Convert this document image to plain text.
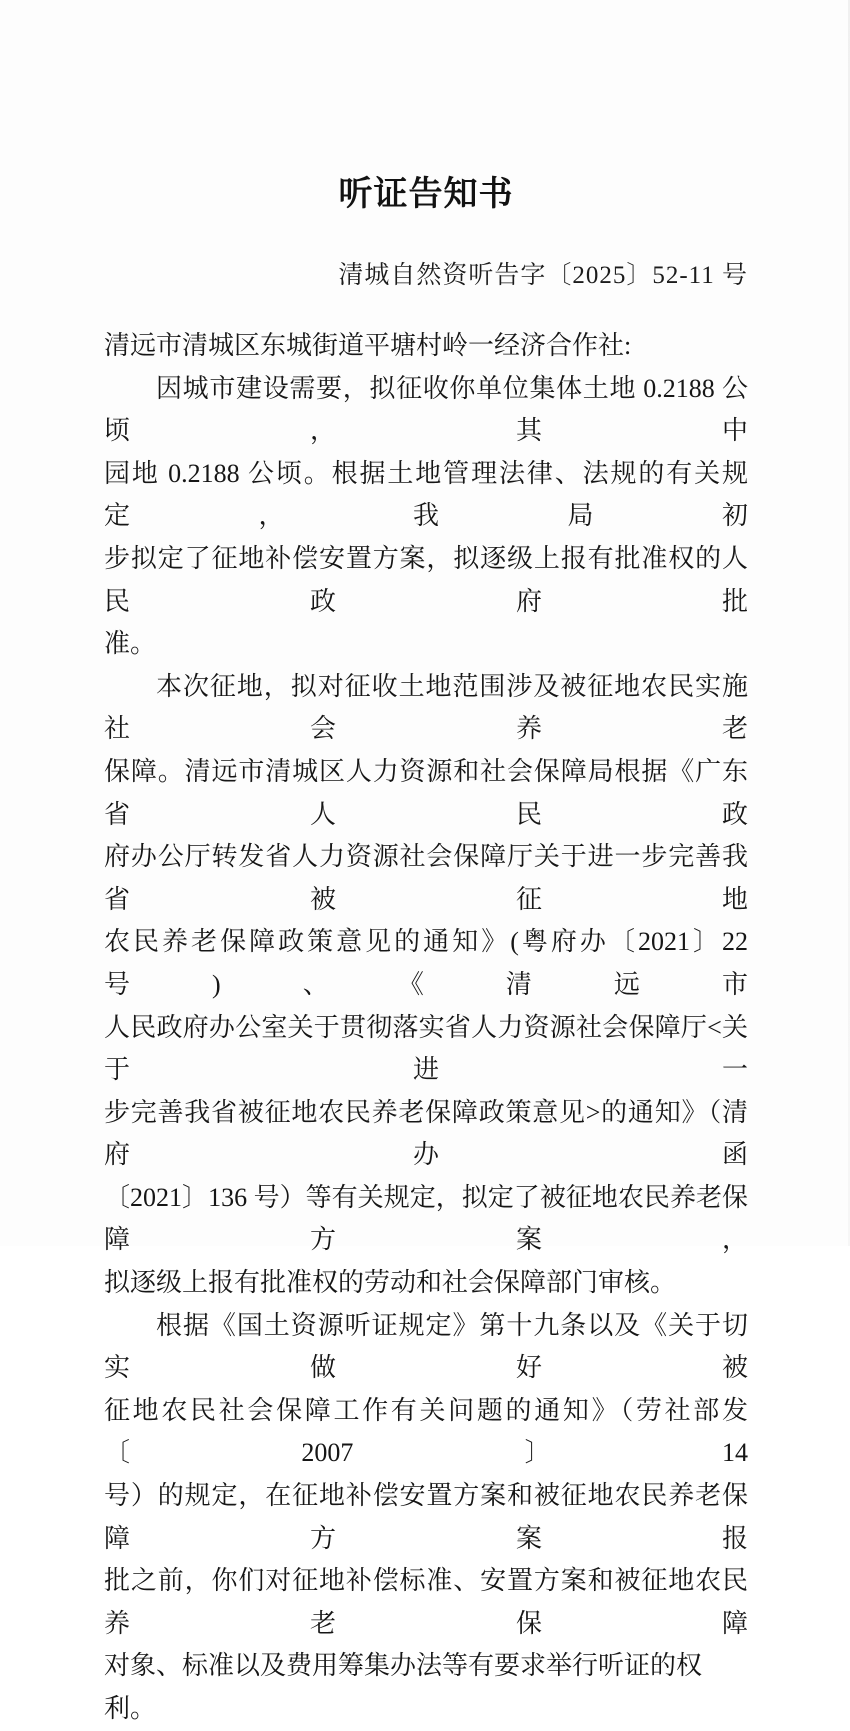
听证告知书
清城自然资听告字〔2025〕52-11 号
清远市清城区东城街道平塘村岭一经济合作社:
因城市建设需要，拟征收你单位集体土地 0.2188 公顷，其中
园地 0.2188 公顷。根据土地管理法律、法规的有关规定，我局初
步拟定了征地补偿安置方案，拟逐级上报有批准权的人民政府批
准。
本次征地，拟对征收土地范围涉及被征地农民实施社会养老
保障。清远市清城区人力资源和社会保障局根据《广东省人民政
府办公厅转发省人力资源社会保障厅关于进一步完善我省被征地
农民养老保障政策意见的通知》(粤府办〔2021〕22 号)、《清远市
人民政府办公室关于贯彻落实省人力资源社会保障厅<关于进一
步完善我省被征地农民养老保障政策意见>的通知》（清府办函
〔2021〕136 号）等有关规定，拟定了被征地农民养老保障方案，
拟逐级上报有批准权的劳动和社会保障部门审核。
根据《国土资源听证规定》第十九条以及《关于切实做好被
征地农民社会保障工作有关问题的通知》（劳社部发〔2007〕14
号）的规定，在征地补偿安置方案和被征地农民养老保障方案报
批之前，你们对征地补偿标准、安置方案和被征地农民养老保障
对象、标准以及费用筹集办法等有要求举行听证的权利。
